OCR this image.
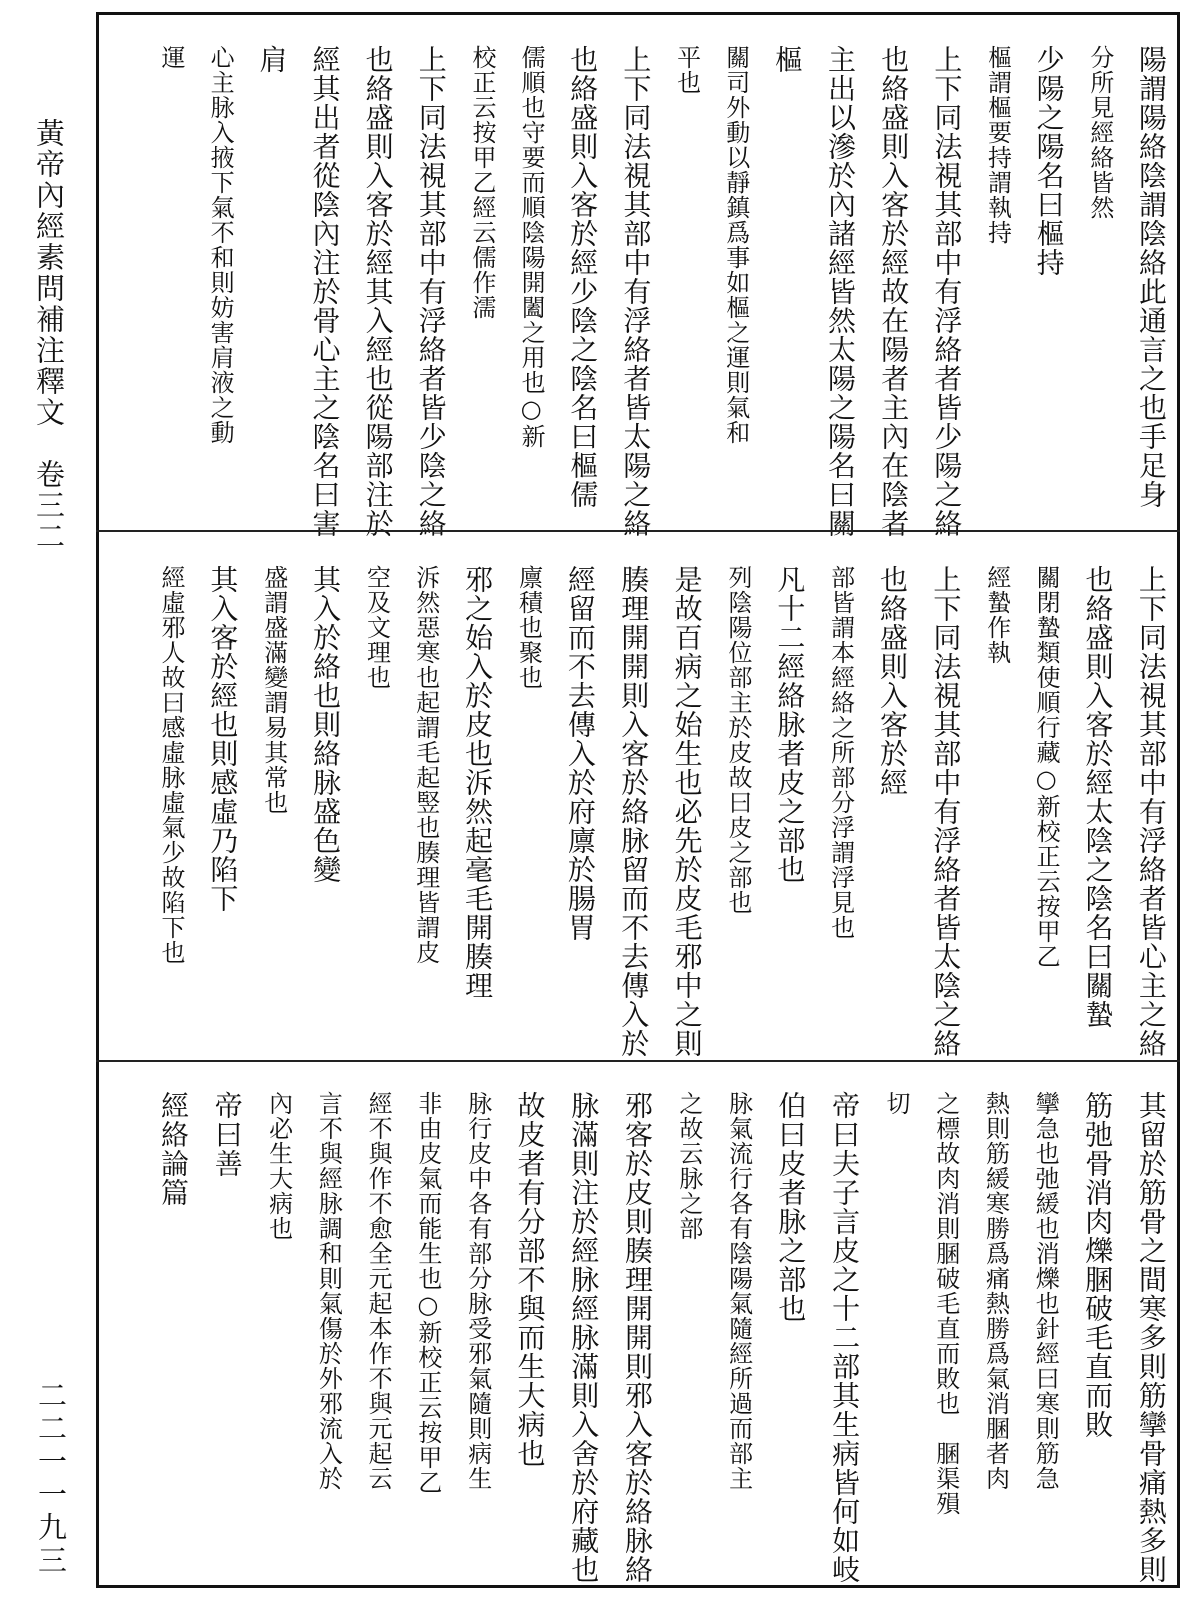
黃帝內經素問補注釋文　卷三二
二二一一九三
陽謂陽絡陰謂陰絡此通言之也手足身
分所見經絡皆然
少陽之陽名曰樞持
樞謂樞要持謂執持
上下同法視其部中有浮絡者皆少陽之絡
也絡盛則入客於經故在陽者主內在陰者
主出以滲於內諸經皆然太陽之陽名曰關
樞
關司外動以靜鎮爲事如樞之運則氣和
平也
上下同法視其部中有浮絡者皆太陽之絡
也絡盛則入客於經少陰之陰名曰樞儒
儒順也守要而順陰陽開闔之用也○新
校正云按甲乙經云儒作濡
上下同法視其部中有浮絡者皆少陰之絡
也絡盛則入客於經其入經也從陽部注於
經其出者從陰內注於骨心主之陰名曰害
肩
心主脉入掖下氣不和則妨害肩液之動
運
上下同法視其部中有浮絡者皆心主之絡
也絡盛則入客於經太陰之陰名曰關蟄
關閉蟄類使順行藏○新校正云按甲乙
經蟄作執
上下同法視其部中有浮絡者皆太陰之絡
也絡盛則入客於經
部皆謂本經絡之所部分浮謂浮見也
凡十二經絡脉者皮之部也
列陰陽位部主於皮故曰皮之部也
是故百病之始生也必先於皮毛邪中之則
腠理開開則入客於絡脉留而不去傳入於
經留而不去傳入於府廪於腸胃
廪積也聚也
邪之始入於皮也泝然起毫毛開腠理
泝然惡寒也起謂毛起竪也腠理皆謂皮
空及文理也
其入於絡也則絡脉盛色變
盛謂盛滿變謂易其常也
其入客於經也則感虛乃陷下
經虛邪人故曰感虛脉虛氣少故陷下也
其留於筋骨之間寒多則筋攣骨痛熱多則
筋弛骨消肉爍䐃破毛直而敗
攣急也弛緩也消爍也針經曰寒則筋急
熱則筋緩寒勝爲痛熱勝爲氣消䐃者肉
之標故肉消則䐃破毛直而敗也　䐃渠殞
切
帝曰夫子言皮之十二部其生病皆何如岐
伯曰皮者脉之部也
脉氣流行各有陰陽氣隨經所過而部主
之故云脉之部
邪客於皮則腠理開開則邪入客於絡脉絡
脉滿則注於經脉經脉滿則入舍於府藏也
故皮者有分部不與而生大病也
脉行皮中各有部分脉受邪氣隨則病生
非由皮氣而能生也○新校正云按甲乙
經不與作不愈全元起本作不與元起云
言不與經脉調和則氣傷於外邪流入於
內必生大病也
帝曰善
經絡論篇
